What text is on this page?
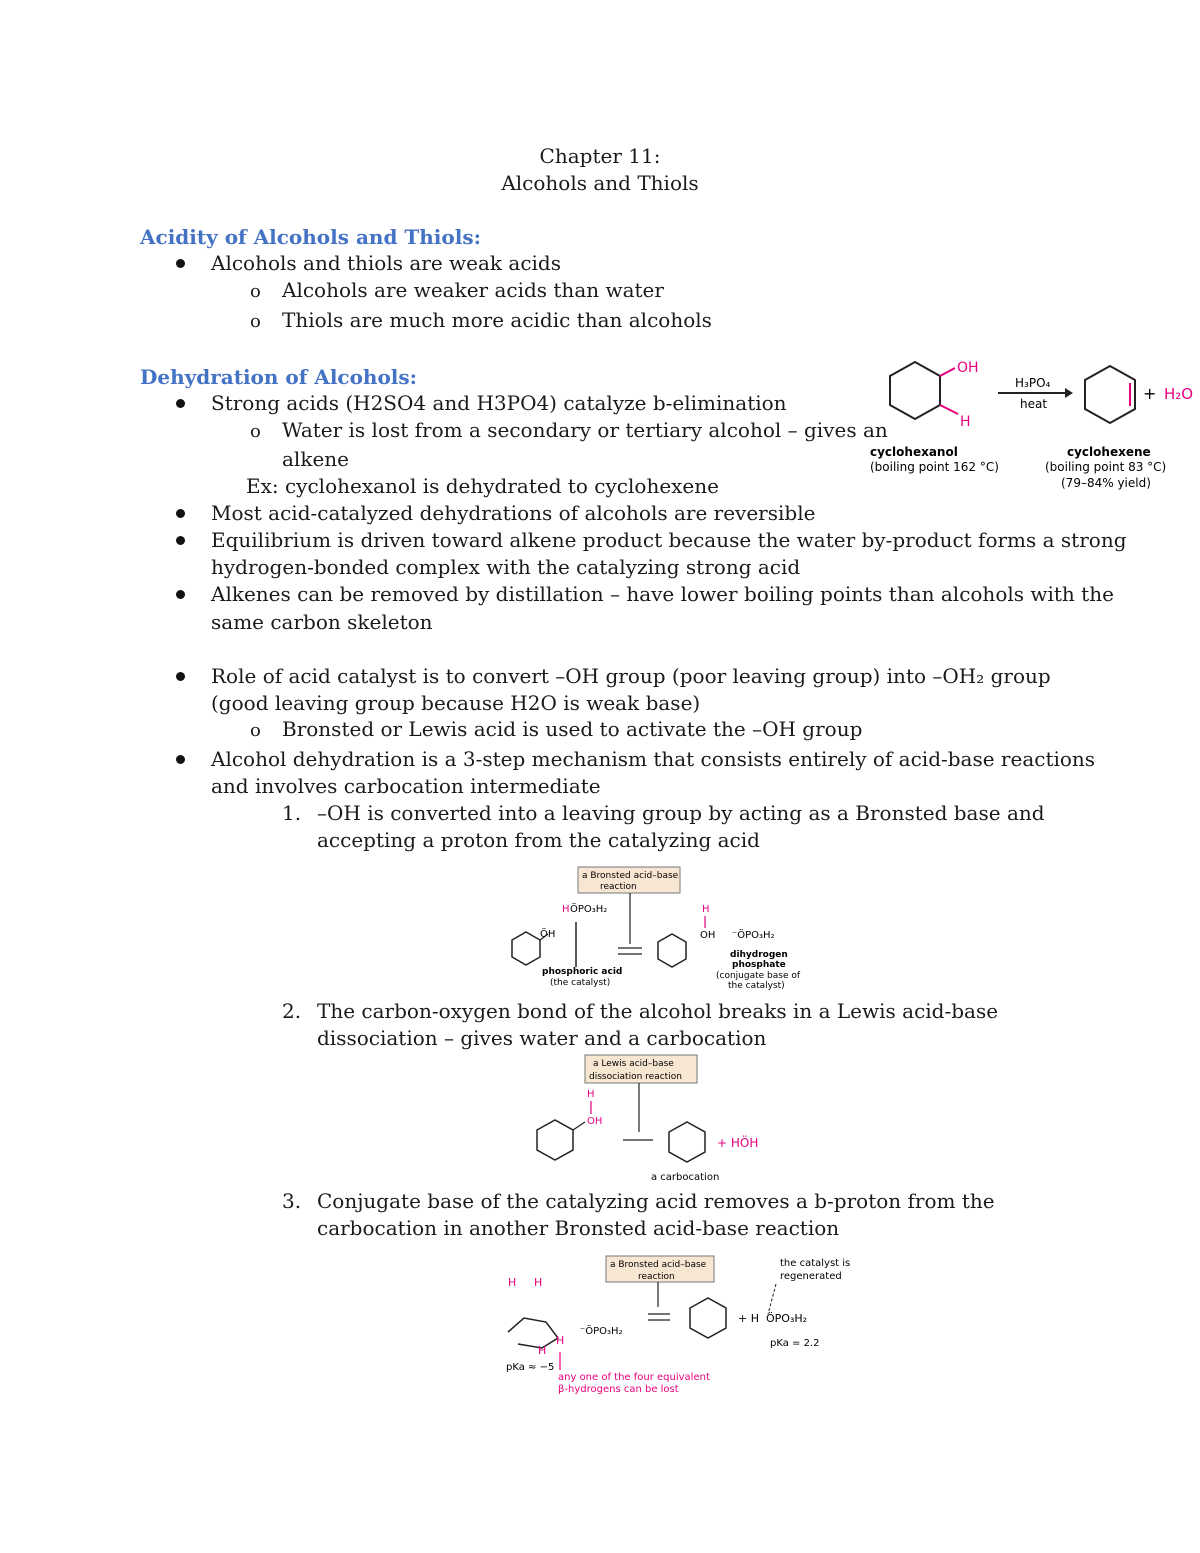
Chapter 11:
Alcohols and Thiols
Acidity of Alcohols and Thiols:
Alcohols and thiols are weak acids
o Alcohols are weaker acids than water
o Thiols are much more acidic than alcohols
Dehydration of Alcohols:
Strong acids (H2SO4 and H3PO4) catalyze b-elimination
o Water is lost from a secondary or tertiary alcohol – gives an
alkene
Ex: cyclohexanol is dehydrated to cyclohexene
Most acid-catalyzed dehydrations of alcohols are reversible
Equilibrium is driven toward alkene product because the water by-product forms a strong
hydrogen-bonded complex with the catalyzing strong acid
Alkenes can be removed by distillation – have lower boiling points than alcohols with the
same carbon skeleton
Role of acid catalyst is to convert –OH group (poor leaving group) into –OH₂ group
(good leaving group because H2O is weak base)
o Bronsted or Lewis acid is used to activate the –OH group
Alcohol dehydration is a 3-step mechanism that consists entirely of acid-base reactions
and involves carbocation intermediate
1. –OH is converted into a leaving group by acting as a Bronsted base and
accepting a proton from the catalyzing acid
2. The carbon-oxygen bond of the alcohol breaks in a Lewis acid-base
dissociation – gives water and a carbocation
3. Conjugate base of the catalyzing acid removes a b-proton from the
carbocation in another Bronsted acid-base reaction
OH
H
H₃PO₄
heat
+ H₂O
cyclohexanol
(boiling point 162 °C)
cyclohexene
(boiling point 83 °C)
(79–84% yield)
a Bronsted acid–base
reaction
ÖH
H ÖPO₃H₂
phosphoric acid
(the catalyst)
H
OH ⁻ÖPO₃H₂
dihydrogen
phosphate
(conjugate base of
the catalyst)
a Lewis acid–base
dissociation reaction
H
OH
+ HÖH
a carbocation
a Bronsted acid–base
reaction
the catalyst is
regenerated
H H
H
H
⁻ÖPO₃H₂
pKa ≈ −5
any one of the four equivalent
β-hydrogens can be lost
+ H ÖPO₃H₂
pKa = 2.2
